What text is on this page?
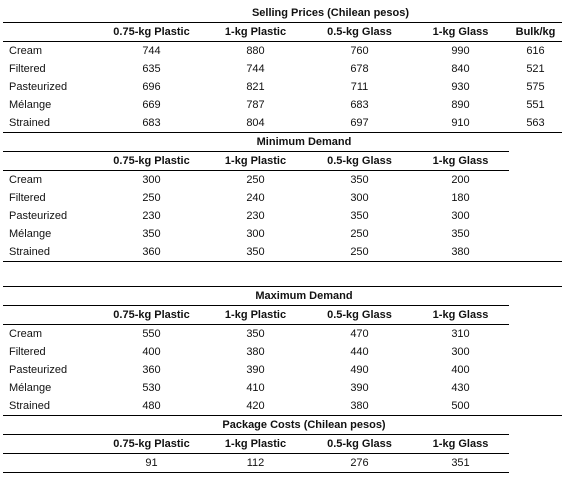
	Selling Prices (Chilean pesos)				
	0.75-kg Plastic	1-kg Plastic	0.5-kg Glass	1-kg Glass	Bulk/kg
Cream	744	880	760	990	616
Filtered	635	744	678	840	521
Pasteurized	696	821	711	930	575
Mélange	669	787	683	890	551
Strained	683	804	697	910	563
	Minimum Demand				
	0.75-kg Plastic	1-kg Plastic	0.5-kg Glass	1-kg Glass	
Cream	300	250	350	200	
Filtered	250	240	300	180	
Pasteurized	230	230	350	300	
Mélange	350	300	250	350	
Strained	360	350	250	380	

	Maximum Demand				
	0.75-kg Plastic	1-kg Plastic	0.5-kg Glass	1-kg Glass	
Cream	550	350	470	310	
Filtered	400	380	440	300	
Pasteurized	360	390	490	400	
Mélange	530	410	390	430	
Strained	480	420	380	500	
	Package Costs (Chilean pesos)				
	0.75-kg Plastic	1-kg Plastic	0.5-kg Glass	1-kg Glass	
	91	112	276	351	
